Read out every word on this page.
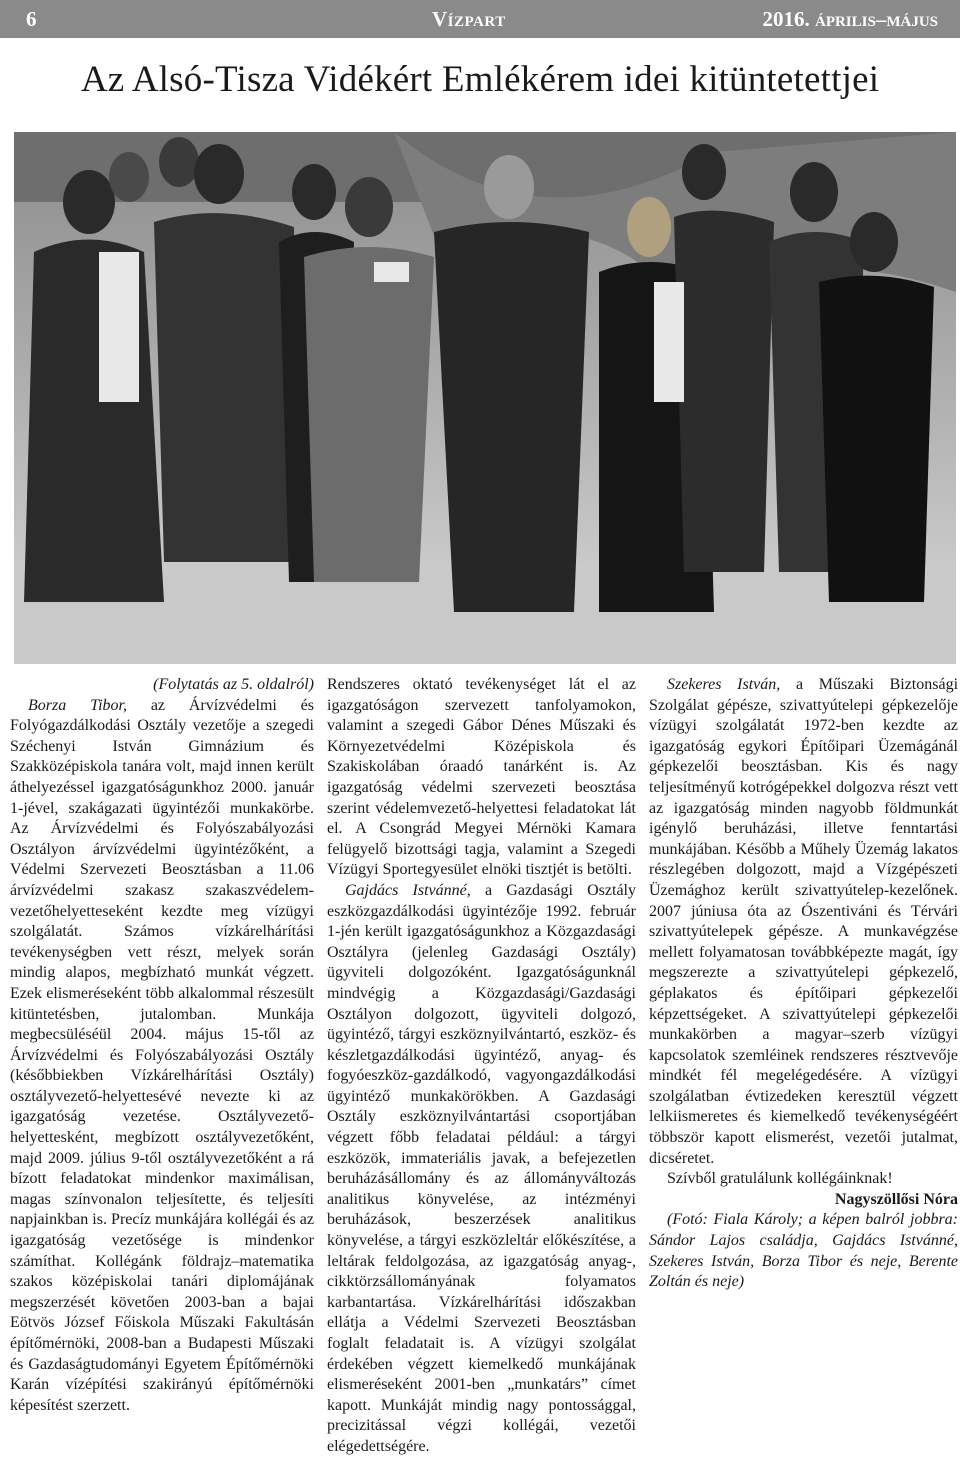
6	Vízpart	2016. április–május
Az Alsó-Tisza Vidékért Emlékérem idei kitüntetettjei

(Folytatás az 5. oldalról)

Borza Tibor, az Árvízvédelmi és Folyógazdálkodási Osztály vezetője a szegedi Széchenyi István Gimnázium és Szakközépiskola tanára volt, majd innen került áthelyezéssel igazgatóságunkhoz 2000. január 1-jével, szakágazati ügyintézői munkakörbe. Az Árvízvédelmi és Folyószabályozási Osztályon árvízvédelmi ügyintézőként, a Védelmi Szervezeti Beosztásban a 11.06 árvízvédelmi szakasz szakaszvédelem-vezetőhelyetteseként kezdte meg vízügyi szolgálatát. Számos vízkárelhárítási tevékenységben vett részt, melyek során mindig alapos, megbízható munkát végzett. Ezek elismeréseként több alkalommal részesült kitüntetésben, jutalomban. Munkája megbecsüléséül 2004. május 15-től az Árvízvédelmi és Folyószabályozási Osztály (későbbiekben Vízkárelhárítási Osztály) osztályvezető-helyettesévé nevezte ki az igazgatóság vezetése. Osztályvezető-helyettesként, megbízott osztályvezetőként, majd 2009. július 9-től osztályvezetőként a rá bízott feladatokat mindenkor maximálisan, magas színvonalon teljesítette, és teljesíti napjainkban is. Precíz munkájára kollégái és az igazgatóság vezetősége is mindenkor számíthat. Kollégánk földrajz–matematika szakos középiskolai tanári diplomájának megszerzését követően 2003-ban a bajai Eötvös József Főiskola Műszaki Fakultásán építőmérnöki, 2008-ban a Budapesti Műszaki és Gazdaságtudományi Egyetem Építőmérnöki Karán vízépítési szakirányú építőmérnöki képesítést szerzett.

Rendszeres oktató tevékenységet lát el az igazgatóságon szervezett tanfolyamokon, valamint a szegedi Gábor Dénes Műszaki és Környezetvédelmi Középiskola és Szakiskolában óraadó tanárként is. Az igazgatóság védelmi szervezeti beosztása szerint védelemvezető-helyettesi feladatokat lát el. A Csongrád Megyei Mérnöki Kamara felügyelő bizottsági tagja, valamint a Szegedi Vízügyi Sportegyesület elnöki tisztjét is betölti.

Gajdács Istvánné, a Gazdasági Osztály eszközgazdálkodási ügyintézője 1992. február 1-jén került igazgatóságunkhoz a Közgazdasági Osztályra (jelenleg Gazdasági Osztály) ügyviteli dolgozóként. Igazgatóságunknál mindvégig a Közgazdasági/Gazdasági Osztályon dolgozott, ügyviteli dolgozó, ügyintéző, tárgyi eszköznyilvántartó, eszköz- és készletgazdálkodási ügyintéző, anyag- és fogyóeszköz-gazdálkodó, vagyongazdálkodási ügyintéző munkakörökben. A Gazdasági Osztály eszköznyilvántartási csoportjában végzett főbb feladatai például: a tárgyi eszközök, immateriális javak, a befejezetlen beruházásállomány és az állományváltozás analitikus könyvelése, az intézményi beruházások, beszerzések analitikus könyvelése, a tárgyi eszközleltár előkészítése, a leltárak feldolgozása, az igazgatóság anyag-, cikktörzsállományának folyamatos karbantartása. Vízkárelhárítási időszakban ellátja a Védelmi Szervezeti Beosztásban foglalt feladatait is. A vízügyi szolgálat érdekében végzett kiemelkedő munkájának elismeréseként 2001-ben „munkatárs” címet kapott. Munkáját mindig nagy pontossággal, precizitással végzi kollégái, vezetői elégedettségére.

Szekeres István, a Műszaki Biztonsági Szolgálat gépésze, szivattyútelepi gépkezelője vízügyi szolgálatát 1972-ben kezdte az igazgatóság egykori Építőipari Üzemágánál gépkezelői beosztásban. Kis és nagy teljesítményű kotrógépekkel dolgozva részt vett az igazgatóság minden nagyobb földmunkát igénylő beruházási, illetve fenntartási munkájában. Később a Műhely Üzemág lakatos részlegében dolgozott, majd a Vízgépészeti Üzemághoz került szivattyútelep-kezelőnek. 2007 júniusa óta az Ószentiváni és Térvári szivattyútelepek gépésze. A munkavégzése mellett folyamatosan továbbképezte magát, így megszerezte a szivattyútelepi gépkezelő, géplakatos és építőipari gépkezelői képzettségeket. A szivattyútelepi gépkezelői munkakörben a magyar–szerb vízügyi kapcsolatok szemléinek rendszeres résztvevője mindkét fél megelégedésére. A vízügyi szolgálatban évtizedeken keresztül végzett lelkiismeretes és kiemelkedő tevékenységéért többször kapott elismerést, vezetői jutalmat, dicséretet.

Szívből gratulálunk kollégáinknak!

Nagyszöllősi Nóra

(Fotó: Fiala Károly; a képen balról jobbra: Sándor Lajos családja, Gajdács Istvánné, Szekeres István, Borza Tibor és neje, Berente Zoltán és neje)
